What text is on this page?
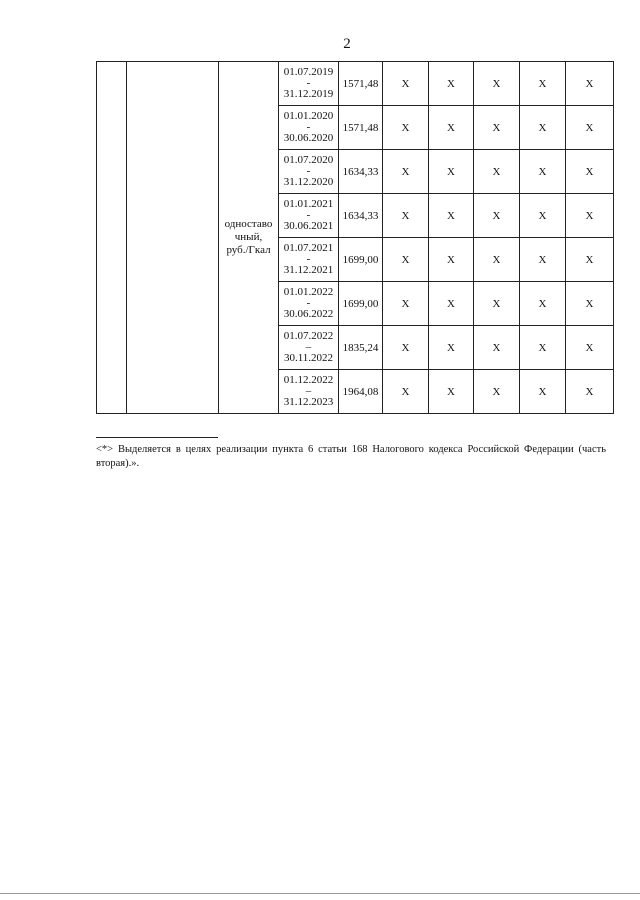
2

		одноставо
чный,
руб./Гкал	01.07.2019
-
31.12.2019	1571,48	X	X	X	X	X

			01.01.2020
-
30.06.2020	1571,48	X	X	X	X	X

			01.07.2020
-
31.12.2020	1634,33	X	X	X	X	X

			01.01.2021
-
30.06.2021	1634,33	X	X	X	X	X

			01.07.2021
-
31.12.2021	1699,00	X	X	X	X	X

			01.01.2022
-
30.06.2022	1699,00	X	X	X	X	X

			01.07.2022
–
30.11.2022	1835,24	X	X	X	X	X

			01.12.2022
–
31.12.2023	1964,08	X	X	X	X	X
<*> Выделяется в целях реализации пункта 6 статьи 168 Налогового кодекса Российской Федерации (часть вторая).».
